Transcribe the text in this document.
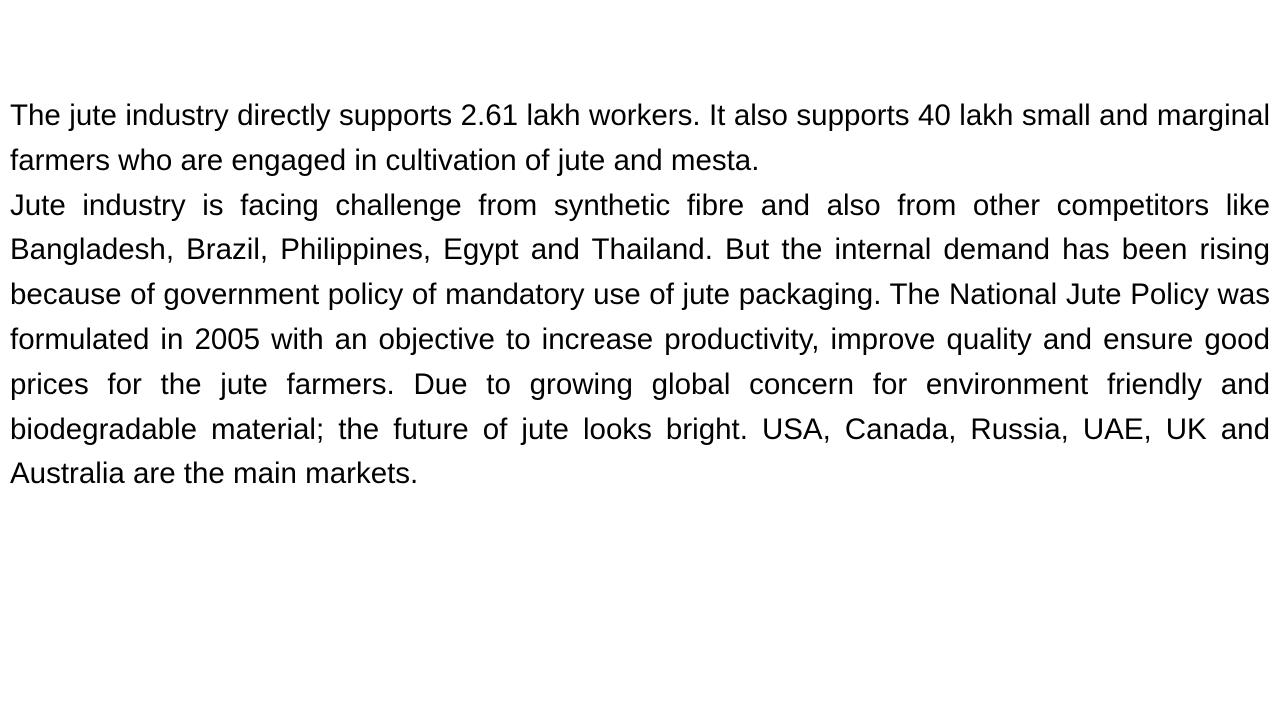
The jute industry directly supports 2.61 lakh workers. It also supports 40 lakh small and marginal farmers who are engaged in cultivation of jute and mesta.

Jute industry is facing challenge from synthetic fibre and also from other competitors like Bangladesh, Brazil, Philippines, Egypt and Thailand. But the internal demand has been rising because of government policy of mandatory use of jute packaging. The National Jute Policy was formulated in 2005 with an objective to increase productivity, improve quality and ensure good prices for the jute farmers. Due to growing global concern for environment friendly and biodegradable material; the future of jute looks bright. USA, Canada, Russia, UAE, UK and Australia are the main markets.
